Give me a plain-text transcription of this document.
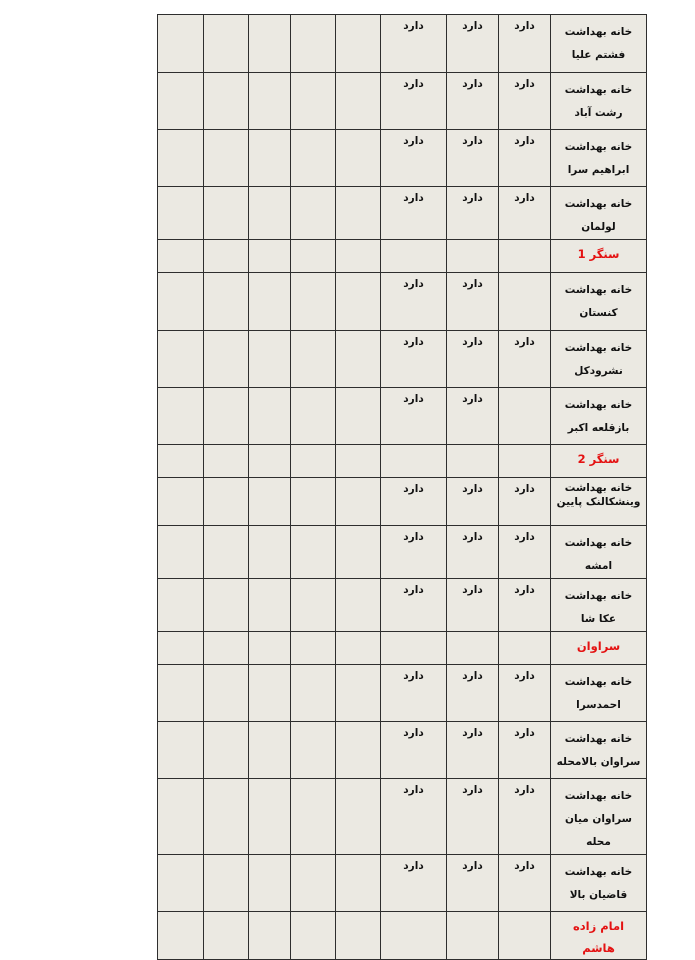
خانه بهداشت فشتم علیا	دارد	دارد	دارد					
خانه بهداشت رشت آباد	دارد	دارد	دارد					
خانه بهداشت ابراهیم سرا	دارد	دارد	دارد					
خانه بهداشت لولمان	دارد	دارد	دارد					
سنگر 1								
خانه بهداشت کنستان		دارد	دارد					
خانه بهداشت نشرودکل	دارد	دارد	دارد					
خانه بهداشت بازقلعه اکبر		دارد	دارد					
سنگر 2								
خانه بهداشت وینشکالنک پایین	دارد	دارد	دارد					
خانه بهداشت امشه	دارد	دارد	دارد					
خانه بهداشت عکا شا	دارد	دارد	دارد					
سراوان								
خانه بهداشت احمدسرا	دارد	دارد	دارد					
خانه بهداشت سراوان بالامحله	دارد	دارد	دارد					
خانه بهداشت سراوان میان محله	دارد	دارد	دارد					
خانه بهداشت قاضیان بالا	دارد	دارد	دارد					
امام زاده هاشم								
